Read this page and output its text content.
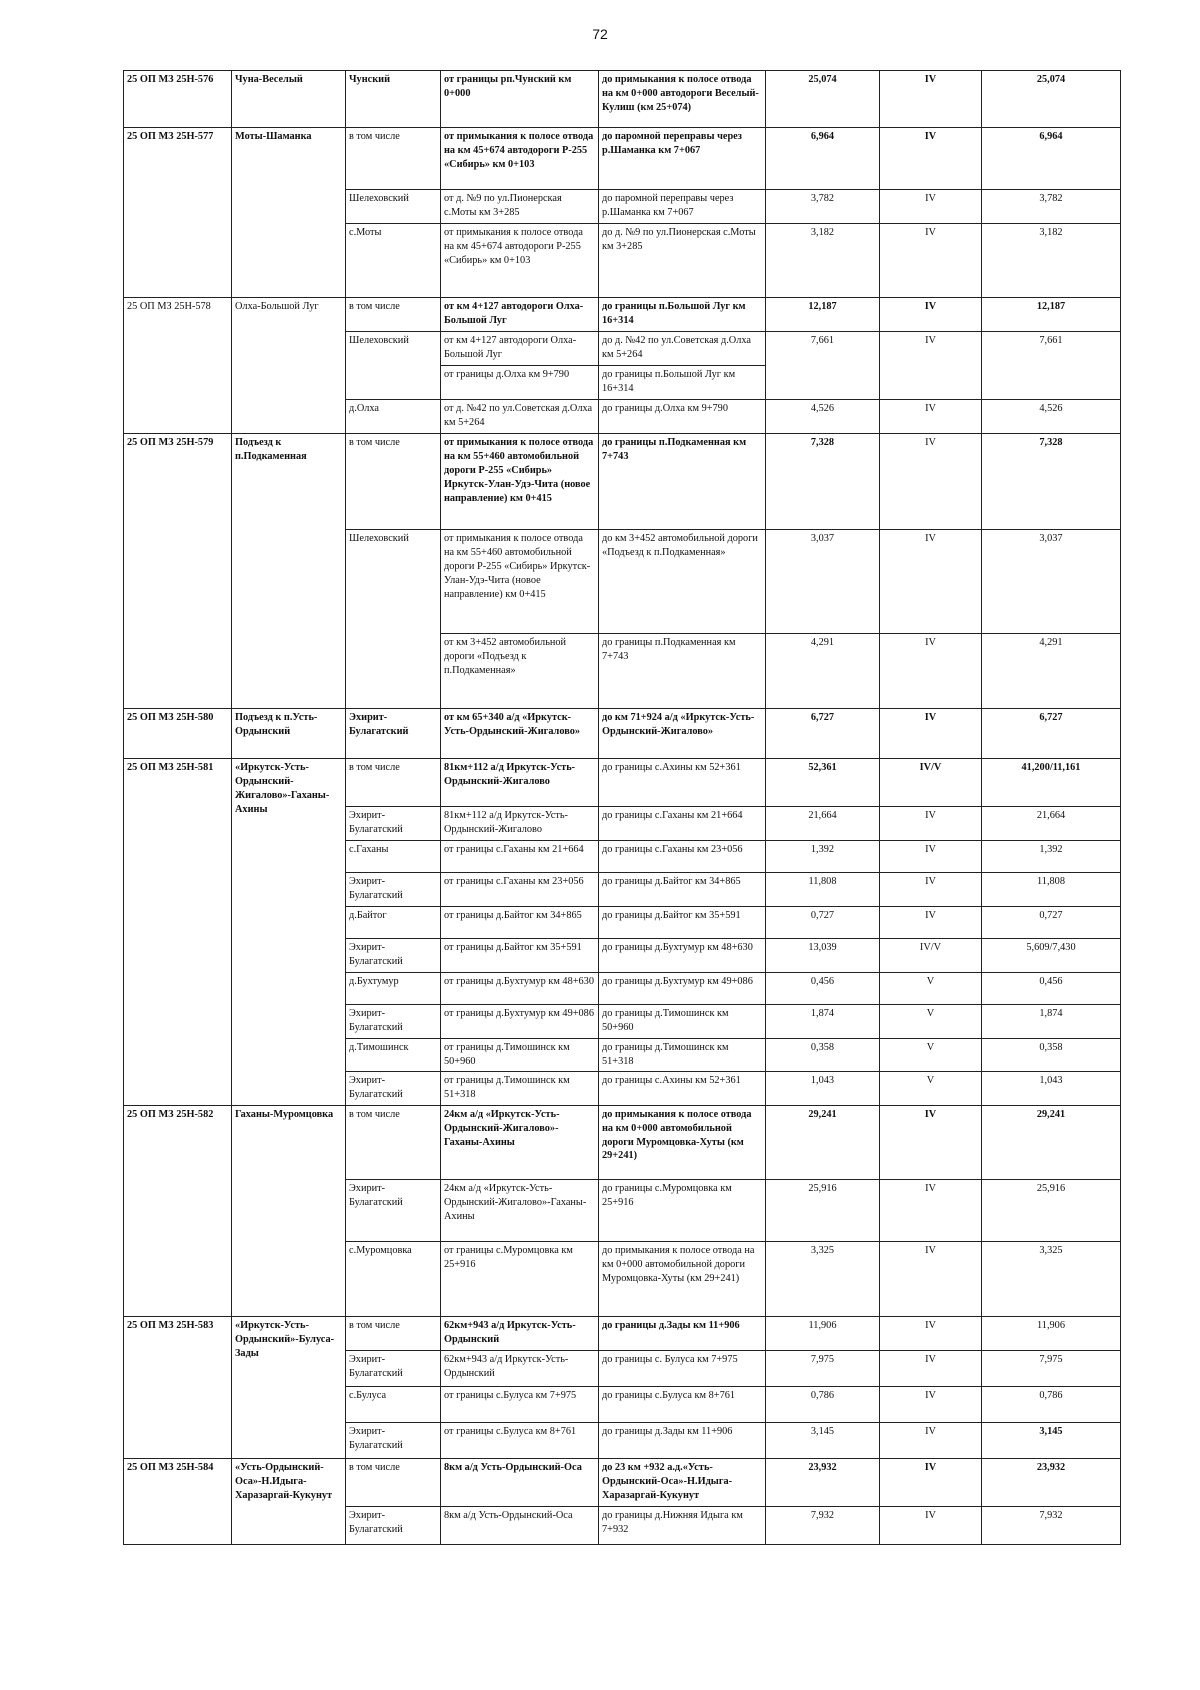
72
25 ОП МЗ 25Н-576	Чуна-Веселый	Чунский	от границы рп.Чунский км 0+000	до примыкания к полосе отвода на км 0+000 автодороги Веселый-Кулиш (км 25+074)	25,074	IV	25,074
25 ОП МЗ 25Н-577	Моты-Шаманка	в том числе	от примыкания к полосе отвода на км 45+674 автодороги Р-255 «Сибирь» км 0+103	до паромной переправы через р.Шаманка км 7+067	6,964	IV	6,964
		Шелеховский	от д. №9 по ул.Пионерская с.Моты км 3+285	до паромной переправы через р.Шаманка км 7+067	3,782	IV	3,782
		с.Моты	от примыкания к полосе отвода на км 45+674 автодороги Р-255 «Сибирь» км 0+103	до д. №9 по ул.Пионерская с.Моты км 3+285	3,182	IV	3,182
25 ОП МЗ 25Н-578	Олха-Большой Луг	в том числе	от км 4+127 автодороги Олха-Большой Луг	до границы п.Большой Луг км 16+314	12,187	IV	12,187
		Шелеховский	от км 4+127 автодороги Олха-Большой Луг	до д. №42 по ул.Советская д.Олха км 5+264	7,661	IV	7,661
			от границы д.Олха км 9+790	до границы п.Большой Луг км 16+314			
		д.Олха	от д. №42 по ул.Советская д.Олха км 5+264	до границы д.Олха км 9+790	4,526	IV	4,526
25 ОП МЗ 25Н-579	Подъезд к п.Подкаменная	в том числе	от примыкания к полосе отвода на км 55+460 автомобильной дороги Р-255 «Сибирь» Иркутск-Улан-Удэ-Чита (новое направление) км 0+415	до границы п.Подкаменная км 7+743	7,328	IV	7,328
		Шелеховский	от примыкания к полосе отвода на км 55+460 автомобильной дороги Р-255 «Сибирь» Иркутск-Улан-Удэ-Чита (новое направление) км 0+415	до км 3+452 автомобильной дороги «Подъезд к п.Подкаменная»	3,037	IV	3,037
			от км 3+452 автомобильной дороги «Подъезд к п.Подкаменная»	до границы п.Подкаменная км 7+743	4,291	IV	4,291
25 ОП МЗ 25Н-580	Подъезд к п.Усть-Ордынский	Эхирит-Булагатский	от км 65+340 а/д «Иркутск-Усть-Ордынский-Жигалово»	до км 71+924 а/д «Иркутск-Усть-Ордынский-Жигалово»	6,727	IV	6,727
25 ОП МЗ 25Н-581	«Иркутск-Усть-Ордынский-Жигалово»-Гаханы-Ахины	в том числе	81км+112 а/д Иркутск-Усть-Ордынский-Жигалово	до границы с.Ахины км 52+361	52,361	IV/V	41,200/11,161
		Эхирит-Булагатский	81км+112 а/д Иркутск-Усть-Ордынский-Жигалово	до границы с.Гаханы км 21+664	21,664	IV	21,664
		с.Гаханы	от границы с.Гаханы км 21+664	до границы с.Гаханы км 23+056	1,392	IV	1,392
		Эхирит-Булагатский	от границы с.Гаханы км 23+056	до границы д.Байтог км 34+865	11,808	IV	11,808
		д.Байтог	от границы д.Байтог км 34+865	до границы д.Байтог км 35+591	0,727	IV	0,727
		Эхирит-Булагатский	от границы д.Байтог км 35+591	до границы д.Бухтумур км 48+630	13,039	IV/V	5,609/7,430
		д.Бухтумур	от границы д.Бухтумур км 48+630	до границы д.Бухтумур км 49+086	0,456	V	0,456
		Эхирит-Булагатский	от границы д.Бухтумур км 49+086	до границы д.Тимошинск км 50+960	1,874	V	1,874
		д.Тимошинск	от границы д.Тимошинск км 50+960	до границы д.Тимошинск км 51+318	0,358	V	0,358
		Эхирит-Булагатский	от границы д.Тимошинск км 51+318	до границы с.Ахины км 52+361	1,043	V	1,043
25 ОП МЗ 25Н-582	Гаханы-Муромцовка	в том числе	24км а/д «Иркутск-Усть-Ордынский-Жигалово»-Гаханы-Ахины	до примыкания к полосе отвода на км 0+000 автомобильной дороги Муромцовка-Хуты (км 29+241)	29,241	IV	29,241
		Эхирит-Булагатский	24км а/д «Иркутск-Усть-Ордынский-Жигалово»-Гаханы-Ахины	до границы с.Муромцовка км 25+916	25,916	IV	25,916
		с.Муромцовка	от границы с.Муромцовка км 25+916	до примыкания к полосе отвода на км 0+000 автомобильной дороги Муромцовка-Хуты (км 29+241)	3,325	IV	3,325
25 ОП МЗ 25Н-583	«Иркутск-Усть-Ордынский»-Булуса-Зады	в том числе	62км+943 а/д Иркутск-Усть-Ордынский	до границы д.Зады км 11+906	11,906	IV	11,906
		Эхирит-Булагатский	62км+943 а/д Иркутск-Усть-Ордынский	до границы с. Булуса км 7+975	7,975	IV	7,975
		с.Булуса	от границы с.Булуса км 7+975	до границы с.Булуса км 8+761	0,786	IV	0,786
		Эхирит-Булагатский	от границы с.Булуса км 8+761	до границы д.Зады км 11+906	3,145	IV	3,145
25 ОП МЗ 25Н-584	«Усть-Ордынский-Оса»-Н.Идыга-Харазаргай-Кукунут	в том числе	8км а/д Усть-Ордынский-Оса	до 23 км +932 а.д.«Усть-Ордынский-Оса»-Н.Идыга-Харазаргай-Кукунут	23,932	IV	23,932
		Эхирит-Булагатский	8км а/д Усть-Ордынский-Оса	до границы д.Нижняя Идыга км 7+932	7,932	IV	7,932
